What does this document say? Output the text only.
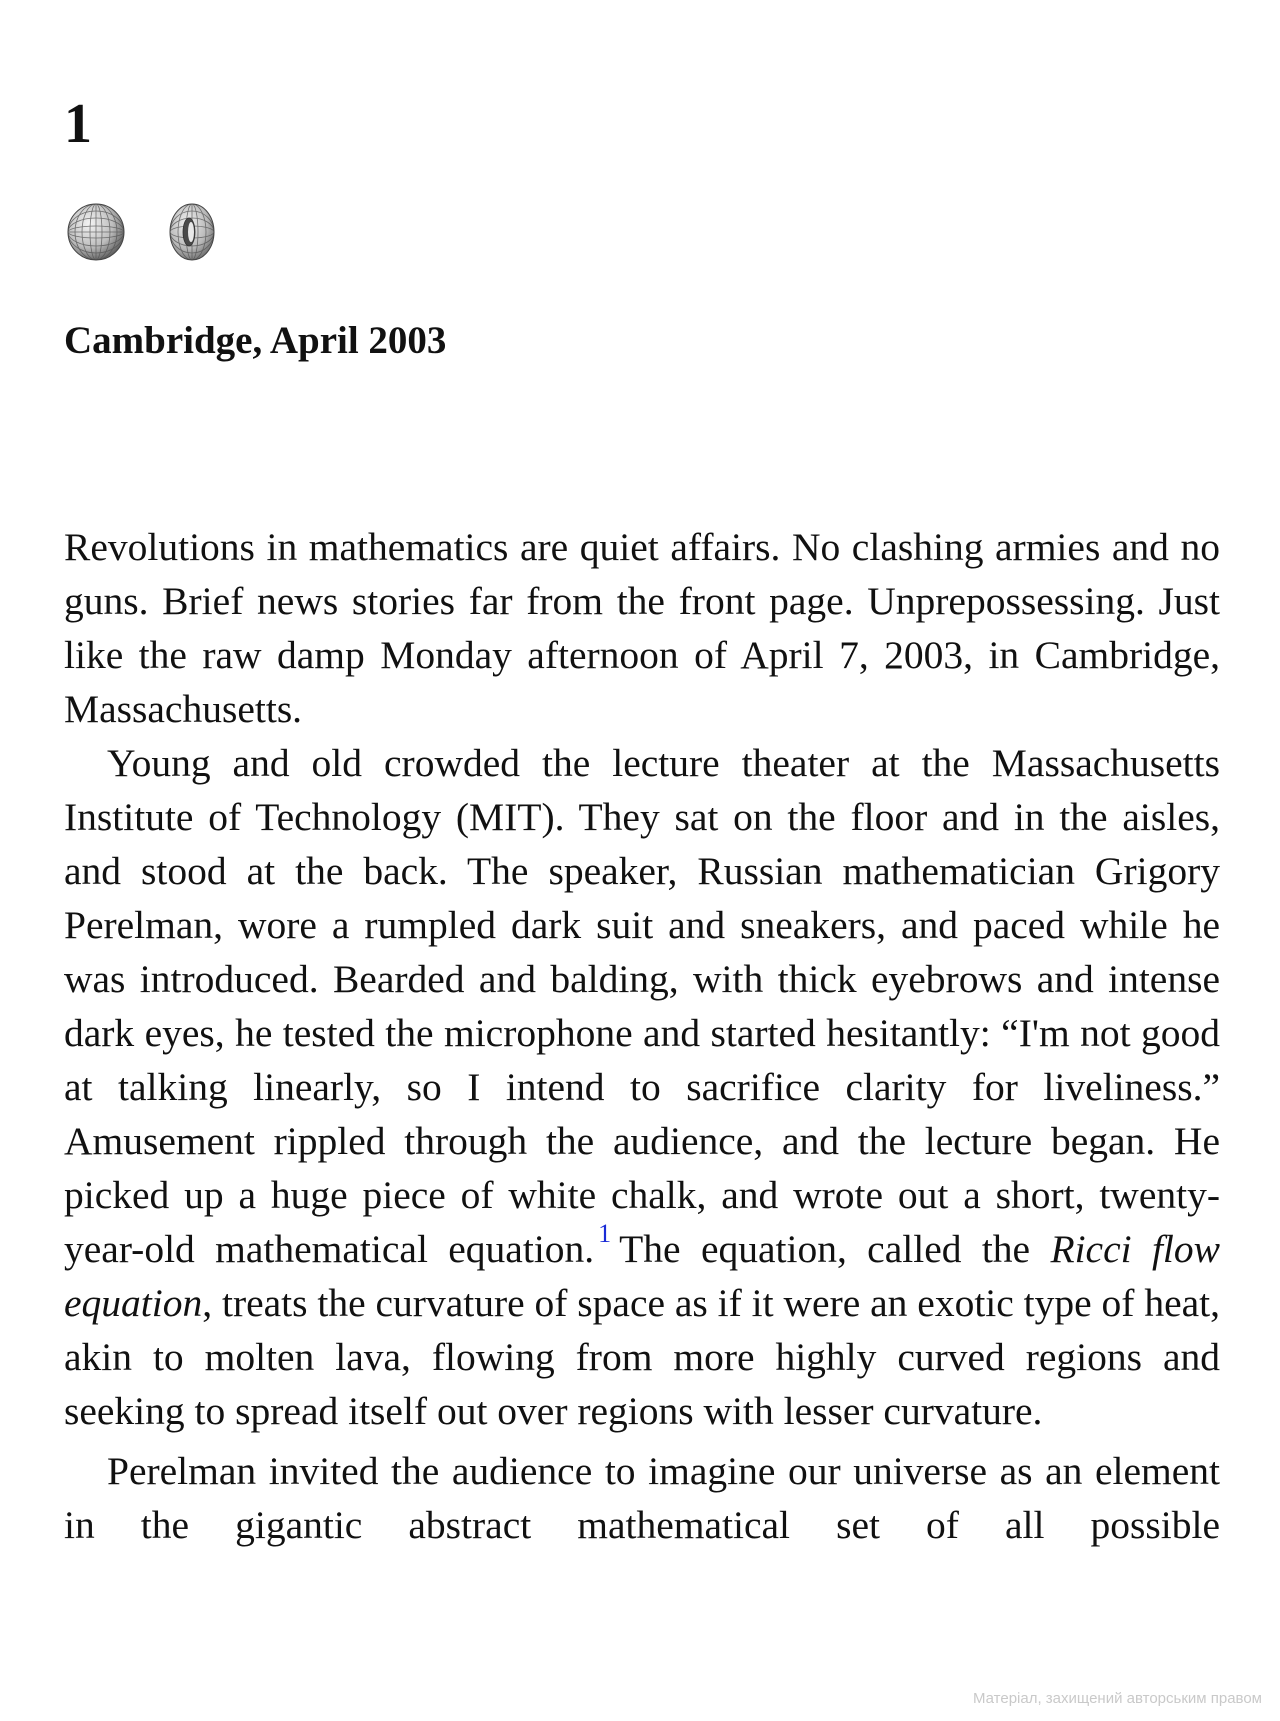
1
Cambridge, April 2003

Revolutions in mathematics are quiet affairs. No clashing armies and no guns. Brief news stories far from the front page. Unprepossessing. Just like the raw damp Monday afternoon of April 7, 2003, in Cambridge, Massachusetts.

Young and old crowded the lecture theater at the Massachusetts Institute of Technology (MIT). They sat on the floor and in the aisles, and stood at the back. The speaker, Russian mathematician Grigory Perelman, wore a rumpled dark suit and sneakers, and paced while he was introduced. Bearded and balding, with thick eyebrows and intense dark eyes, he tested the microphone and started hesitantly: “I'm not good at talking linearly, so I intend to sacrifice clarity for liveliness.” Amusement rippled through the audience, and the lecture began. He picked up a huge piece of white chalk, and wrote out a short, twenty-year-old mathematical equation. $^1$ The equation, called the Ricci flow equation, treats the curvature of space as if it were an exotic type of heat, akin to molten lava, flowing from more highly curved regions and seeking to spread itself out over regions with lesser curvature.

Perelman invited the audience to imagine our universe as an element in the gigantic abstract mathematical set of all possible

Матеріал, захищений авторським правом
